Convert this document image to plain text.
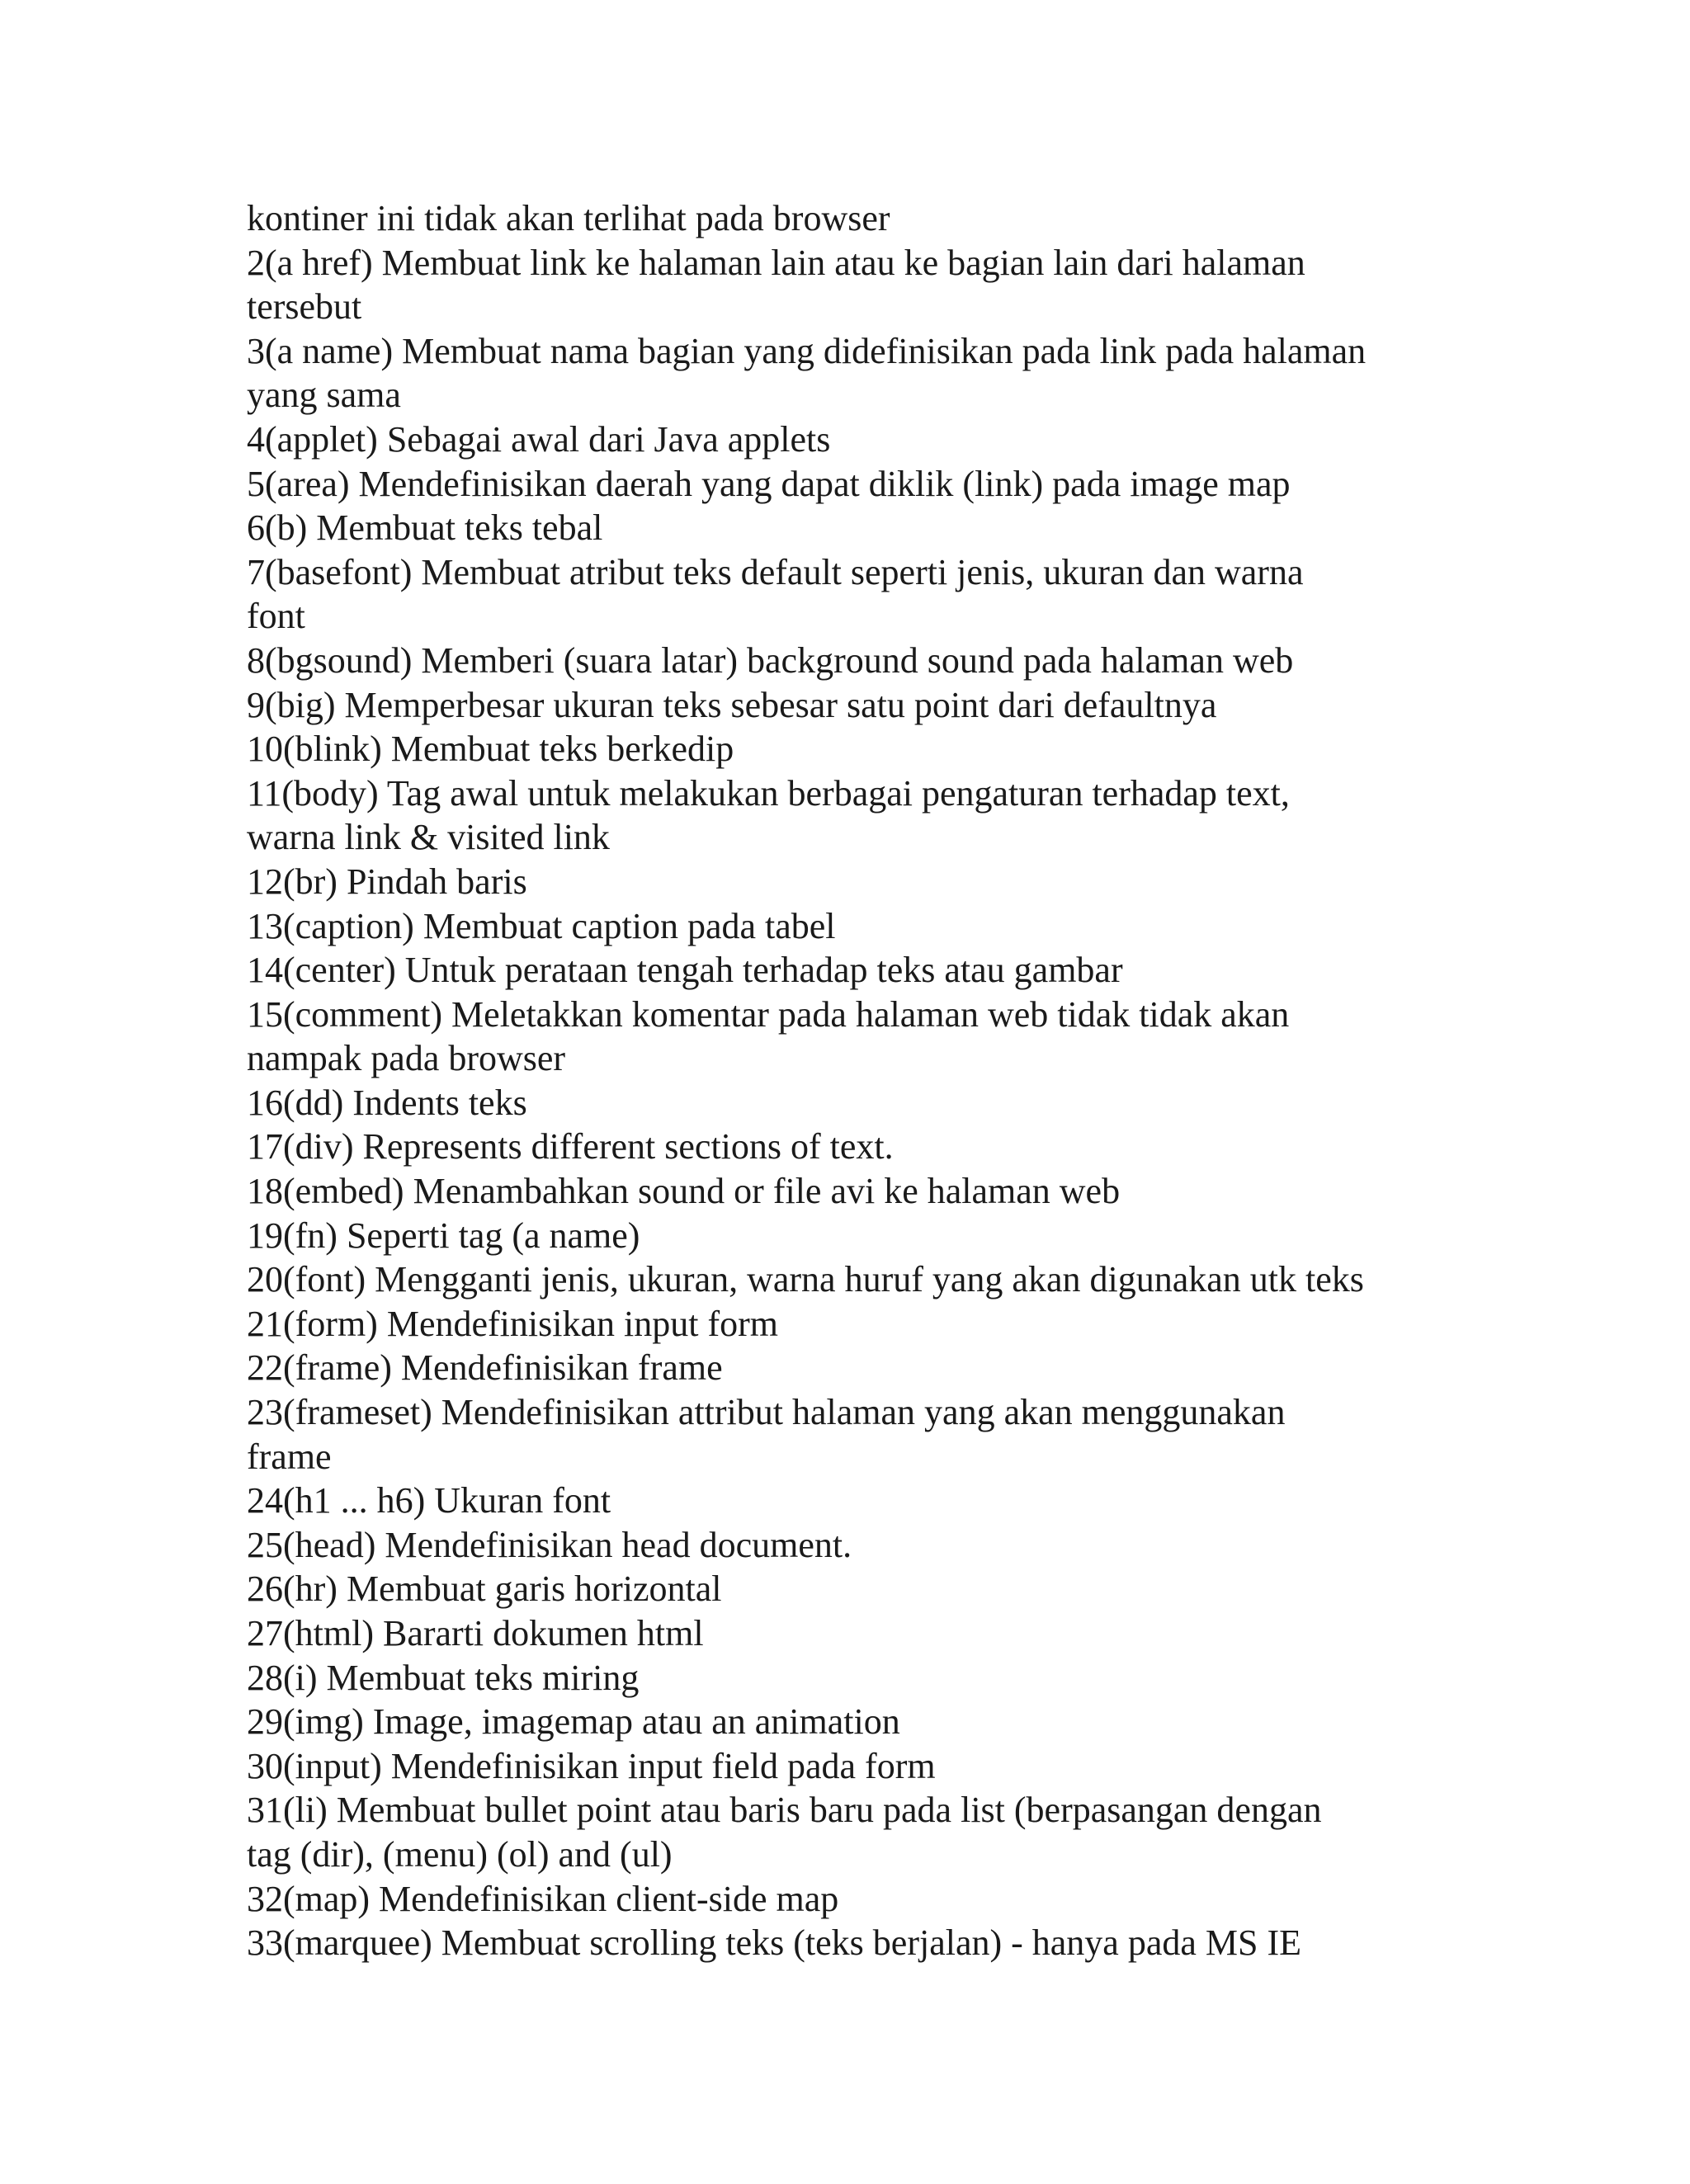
kontiner ini tidak akan terlihat pada browser
2(a href) Membuat link ke halaman lain atau ke bagian lain dari halaman
tersebut
3(a name) Membuat nama bagian yang didefinisikan pada link pada halaman
yang sama
4(applet) Sebagai awal dari Java applets
5(area) Mendefinisikan daerah yang dapat diklik (link) pada image map
6(b) Membuat teks tebal
7(basefont) Membuat atribut teks default seperti jenis, ukuran dan warna
font
8(bgsound) Memberi (suara latar) background sound pada halaman web
9(big) Memperbesar ukuran teks sebesar satu point dari defaultnya
10(blink) Membuat teks berkedip
11(body) Tag awal untuk melakukan berbagai pengaturan terhadap text,
warna link & visited link
12(br) Pindah baris
13(caption) Membuat caption pada tabel
14(center) Untuk perataan tengah terhadap teks atau gambar
15(comment) Meletakkan komentar pada halaman web tidak tidak akan
nampak pada browser
16(dd) Indents teks
17(div) Represents different sections of text.
18(embed) Menambahkan sound or file avi ke halaman web
19(fn) Seperti tag (a name)
20(font) Mengganti jenis, ukuran, warna huruf yang akan digunakan utk teks
21(form) Mendefinisikan input form
22(frame) Mendefinisikan frame
23(frameset) Mendefinisikan attribut halaman yang akan menggunakan
frame
24(h1 ... h6) Ukuran font
25(head) Mendefinisikan head document.
26(hr) Membuat garis horizontal
27(html) Bararti dokumen html
28(i) Membuat teks miring
29(img) Image, imagemap atau an animation
30(input) Mendefinisikan input field pada form
31(li) Membuat bullet point atau baris baru pada list (berpasangan dengan
tag (dir), (menu) (ol) and (ul)
32(map) Mendefinisikan client-side map
33(marquee) Membuat scrolling teks (teks berjalan) - hanya pada MS IE
